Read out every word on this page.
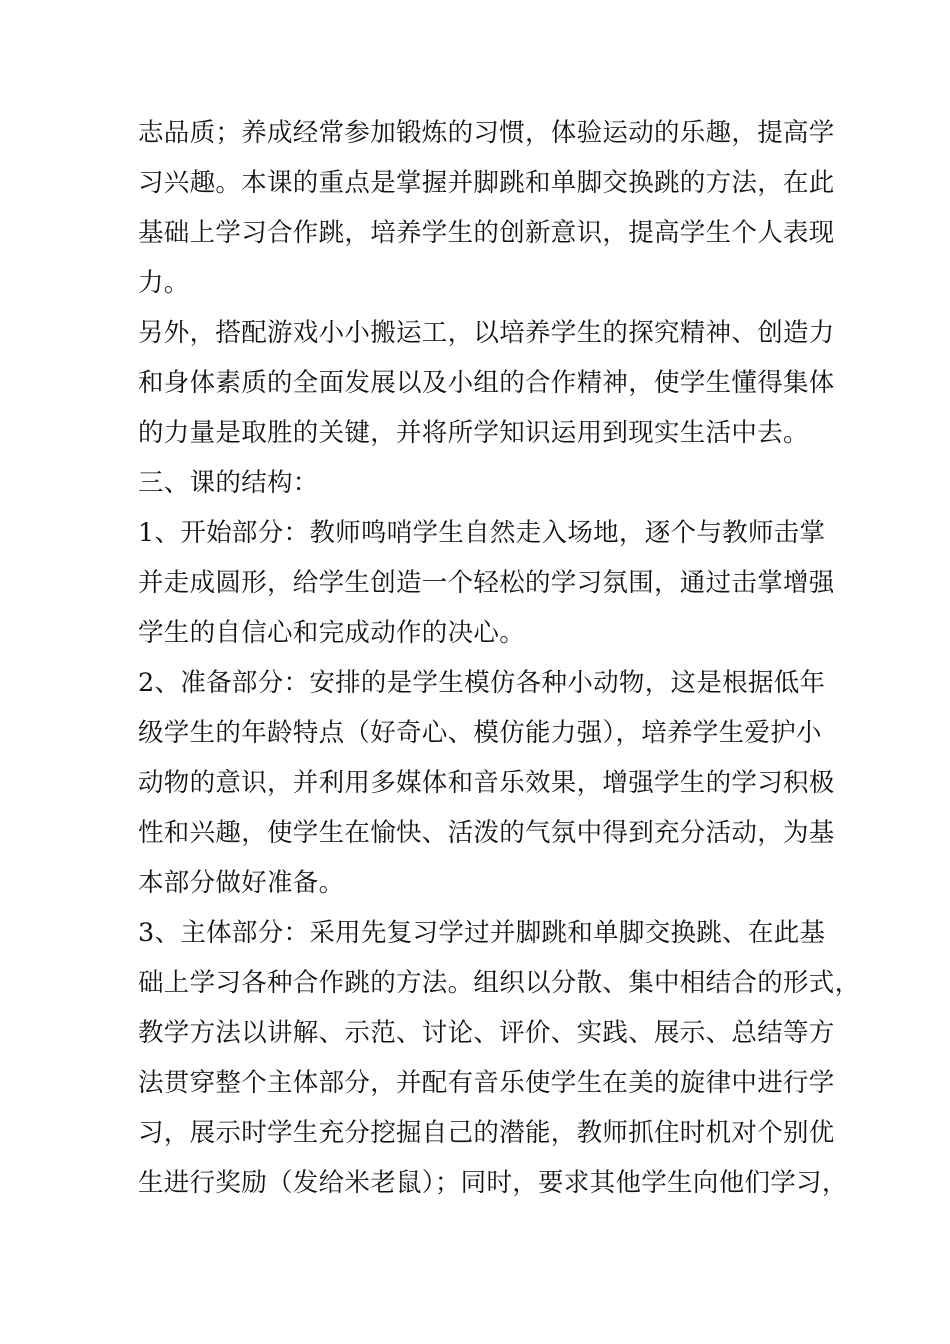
志品质；养成经常参加锻炼的习惯，体验运动的乐趣，提高学
习兴趣。本课的重点是掌握并脚跳和单脚交换跳的方法，在此
基础上学习合作跳，培养学生的创新意识，提高学生个人表现
力。
另外，搭配游戏小小搬运工，以培养学生的探究精神、创造力
和身体素质的全面发展以及小组的合作精神，使学生懂得集体
的力量是取胜的关键，并将所学知识运用到现实生活中去。
三、课的结构：
1、开始部分：教师鸣哨学生自然走入场地，逐个与教师击掌
并走成圆形，给学生创造一个轻松的学习氛围，通过击掌增强
学生的自信心和完成动作的决心。
2、准备部分：安排的是学生模仿各种小动物，这是根据低年
级学生的年龄特点（好奇心、模仿能力强），培养学生爱护小
动物的意识，并利用多媒体和音乐效果，增强学生的学习积极
性和兴趣，使学生在愉快、活泼的气氛中得到充分活动，为基
本部分做好准备。
3、主体部分：采用先复习学过并脚跳和单脚交换跳、在此基
础上学习各种合作跳的方法。组织以分散、集中相结合的形式，
教学方法以讲解、示范、讨论、评价、实践、展示、总结等方
法贯穿整个主体部分，并配有音乐使学生在美的旋律中进行学
习，展示时学生充分挖掘自己的潜能，教师抓住时机对个别优
生进行奖励（发给米老鼠）；同时，要求其他学生向他们学习，
